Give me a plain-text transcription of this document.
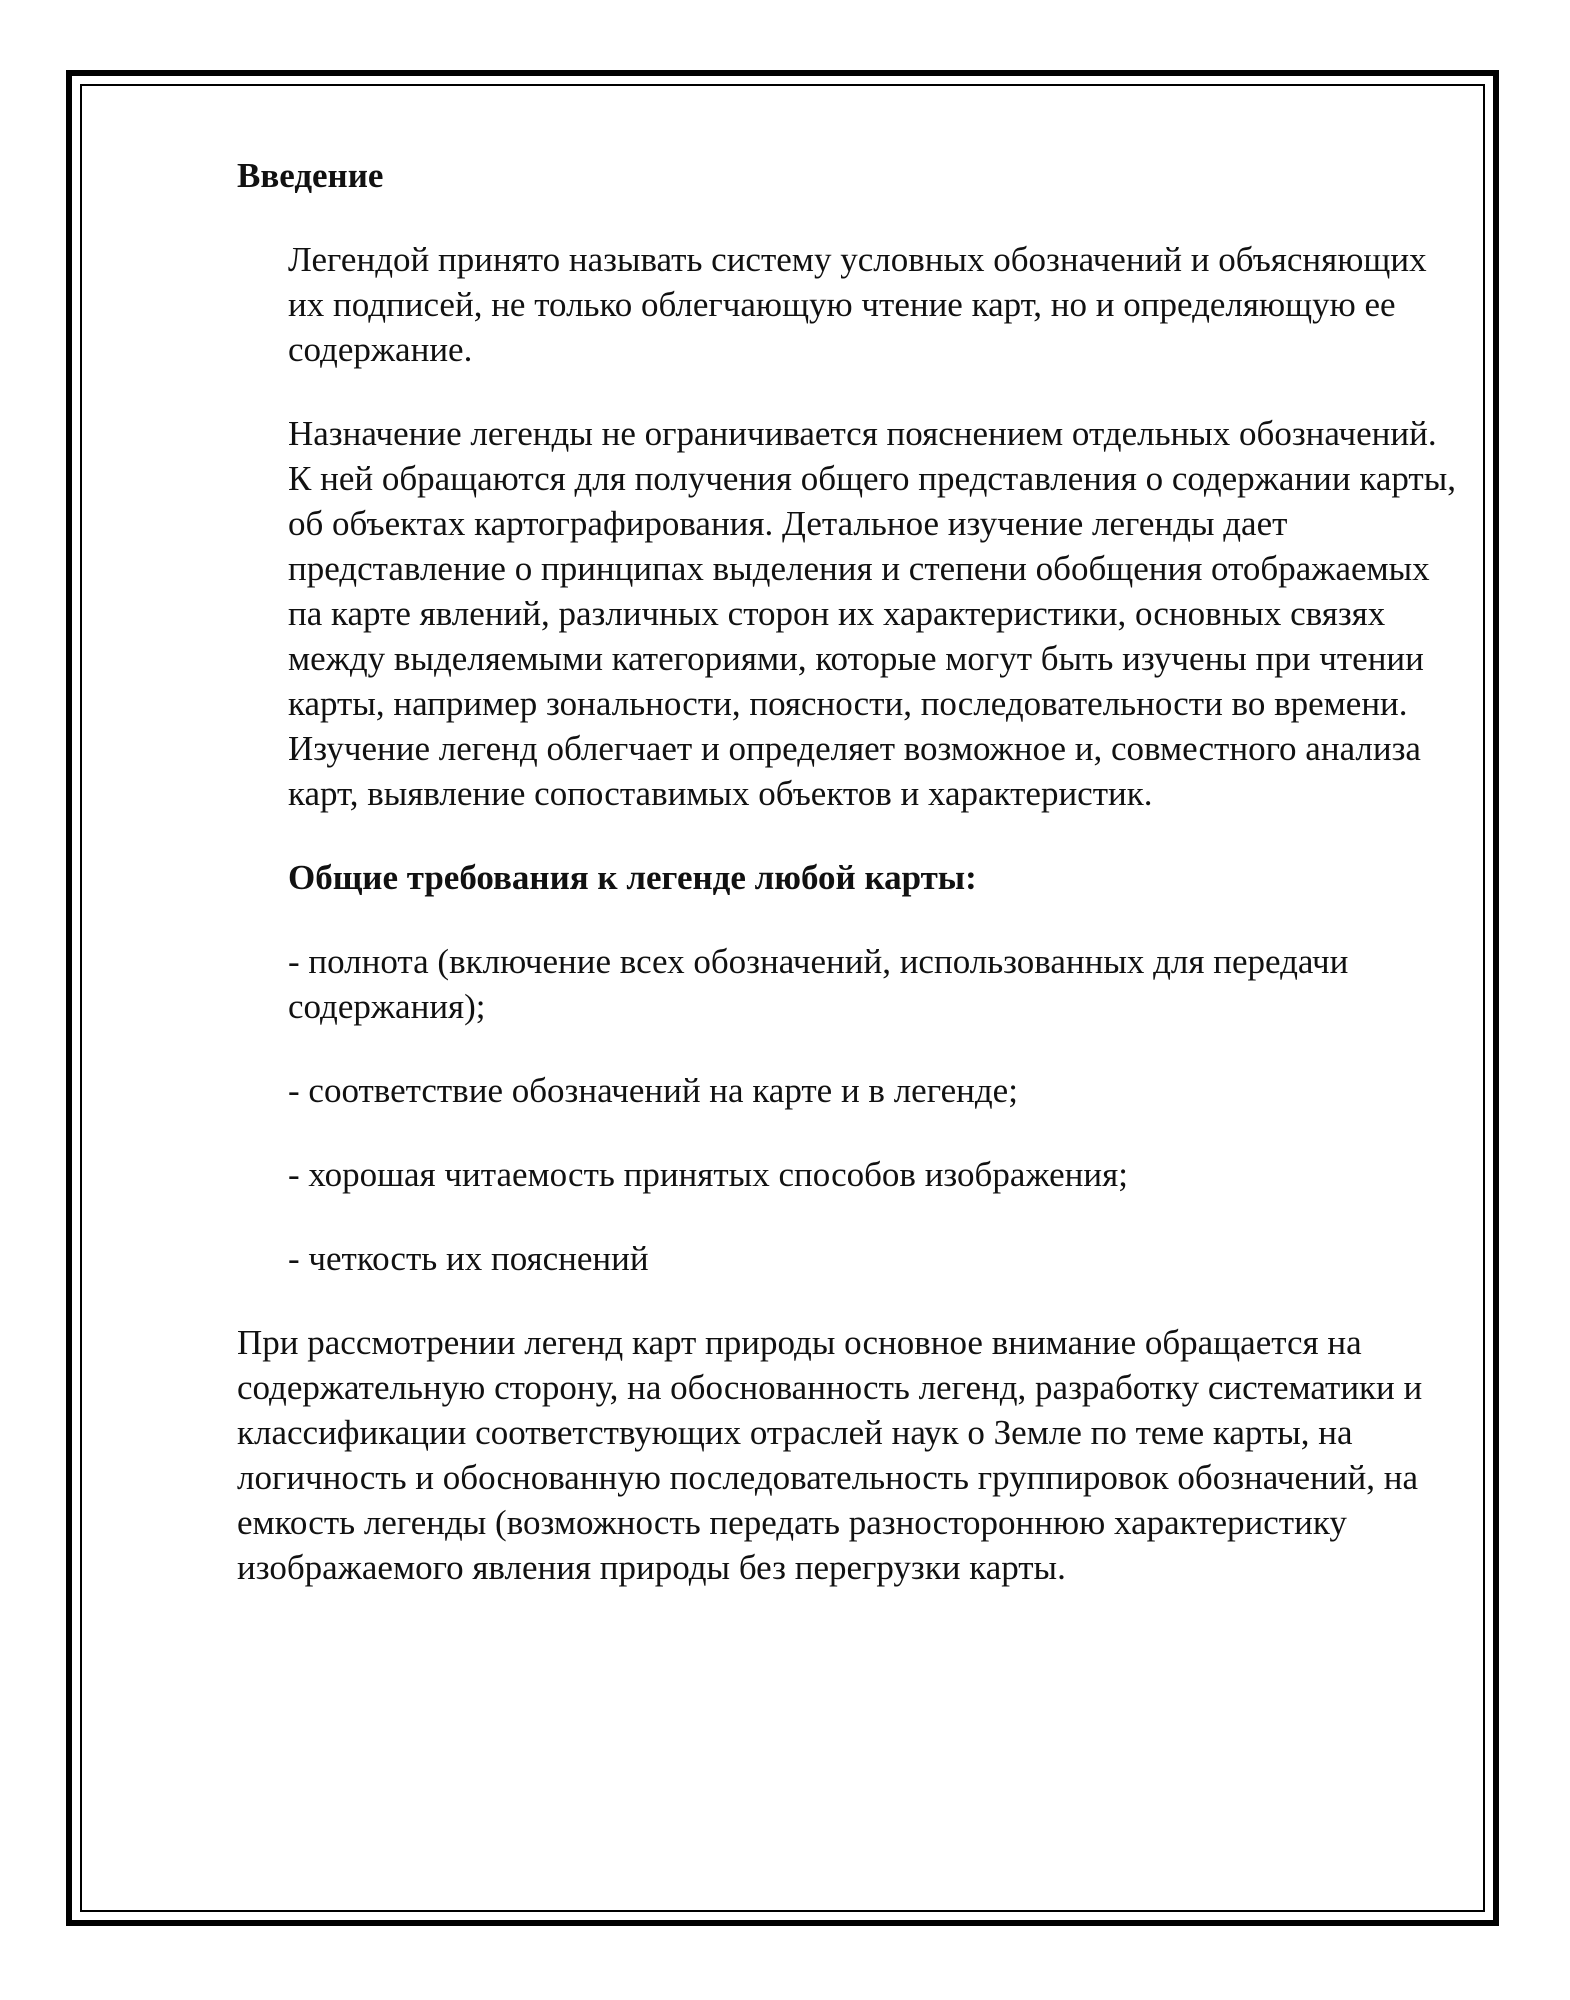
Введение

Легендой принято называть систему условных обозначений и объясняющих их подписей, не только облегчающую чтение карт, но и определяющую ее содержание.

Назначение легенды не ограничивается пояснением отдельных обозначений. К ней обращаются для получения общего представления о содержании карты, об объектах картографирования. Детальное изучение легенды дает представление о принципах выделения и степени обобщения отображаемых па карте явлений, различных сторон их характеристики, основных связях между выделяемыми категориями, которые могут быть изучены при чтении карты, например зональности, поясности, последовательности во времени. Изучение легенд облегчает и определяет возможное и, совместного анализа карт, выявление сопоставимых объектов и характеристик.

Общие требования к легенде любой карты:
- полнота (включение всех обозначений, использованных для передачи содержания);
- соответствие обозначений на карте и в легенде;
- хорошая читаемость принятых способов изображения;
- четкость их пояснений

При рассмотрении легенд карт природы основное внимание обращается на содержательную сторону, на обоснованность легенд, разработку систематики и классификации соответствующих отраслей наук о Земле по теме карты, на логичность и обоснованную последовательность группировок обозначений, на емкость легенды (возможность передать разностороннюю характеристику изображаемого явления природы без перегрузки карты.
